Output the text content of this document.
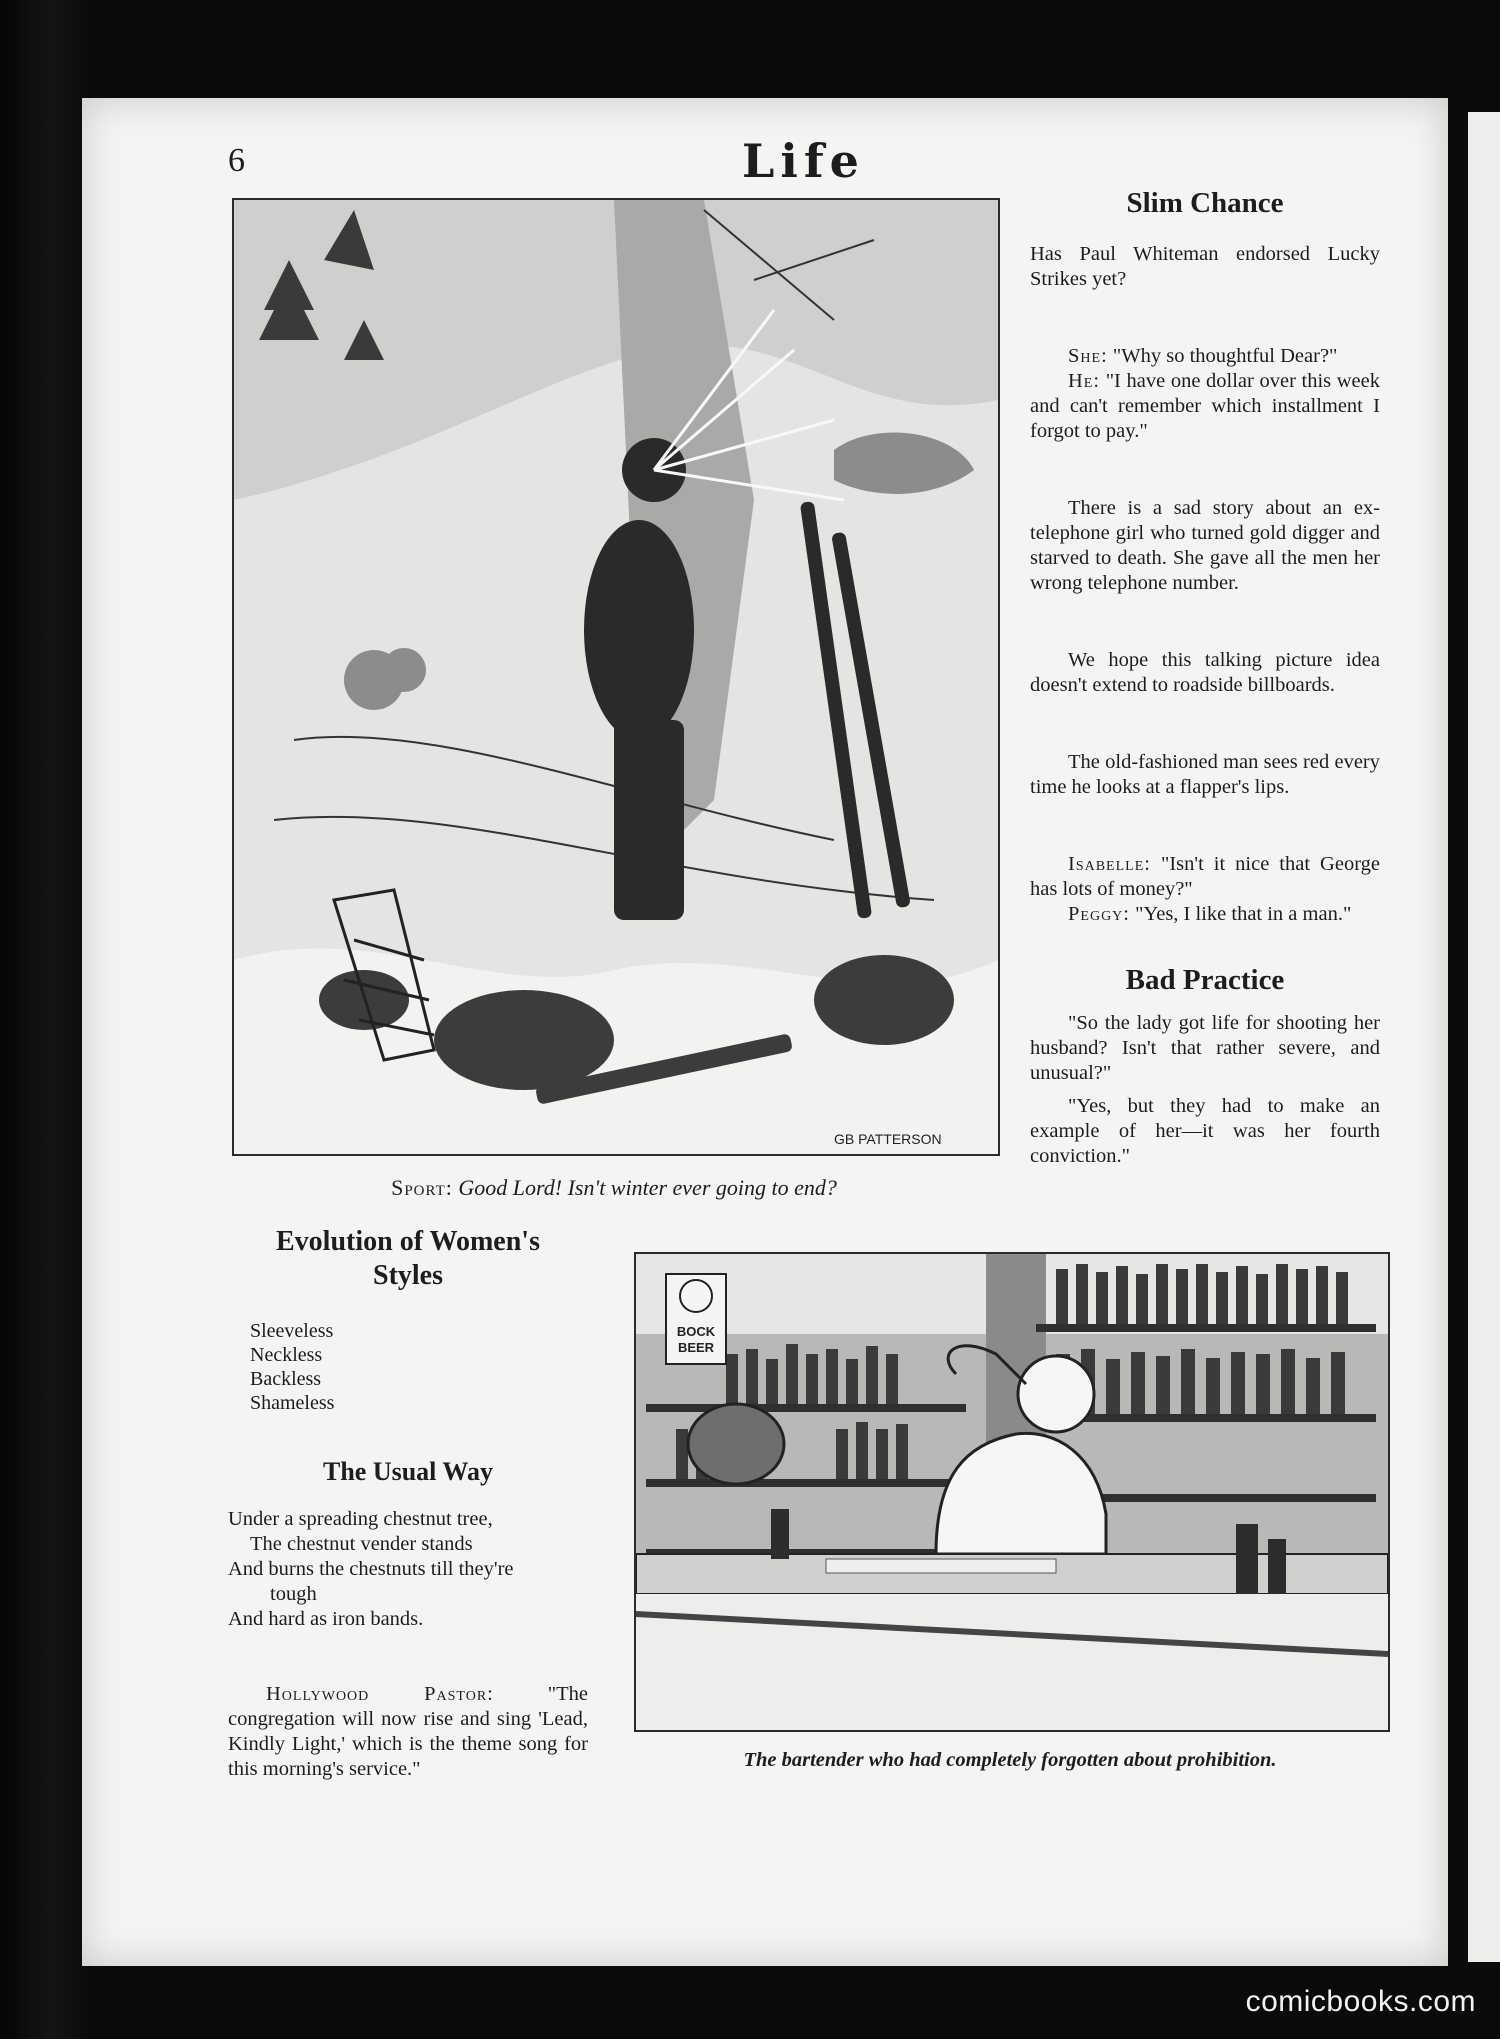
6	Life
GB PATTERSON
Sport: Good Lord! Isn't winter ever going to end?
Slim Chance

Has Paul Whiteman endorsed Lucky Strikes yet?

She: "Why so thoughtful Dear?"

He: "I have one dollar over this week and can't remember which installment I forgot to pay."

There is a sad story about an ex-telephone girl who turned gold digger and starved to death. She gave all the men her wrong telephone number.

We hope this talking picture idea doesn't extend to roadside billboards.

The old-fashioned man sees red every time he looks at a flapper's lips.

Isabelle: "Isn't it nice that George has lots of money?"

Peggy: "Yes, I like that in a man."

Bad Practice

"So the lady got life for shooting her husband? Isn't that rather severe, and unusual?"

"Yes, but they had to make an example of her—it was her fourth conviction."

Evolution of Women's Styles

Sleeveless

Neckless

Backless

Shameless

The Usual Way

Under a spreading chestnut tree,

The chestnut vender stands

And burns the chestnuts till they're

tough

And hard as iron bands.

Hollywood Pastor:	"The congregation will now rise and sing 'Lead, Kindly Light,' which is the theme song for this morning's service."

BOCK
BEER
The bartender who had completely forgotten about prohibition.
comicbooks.com
